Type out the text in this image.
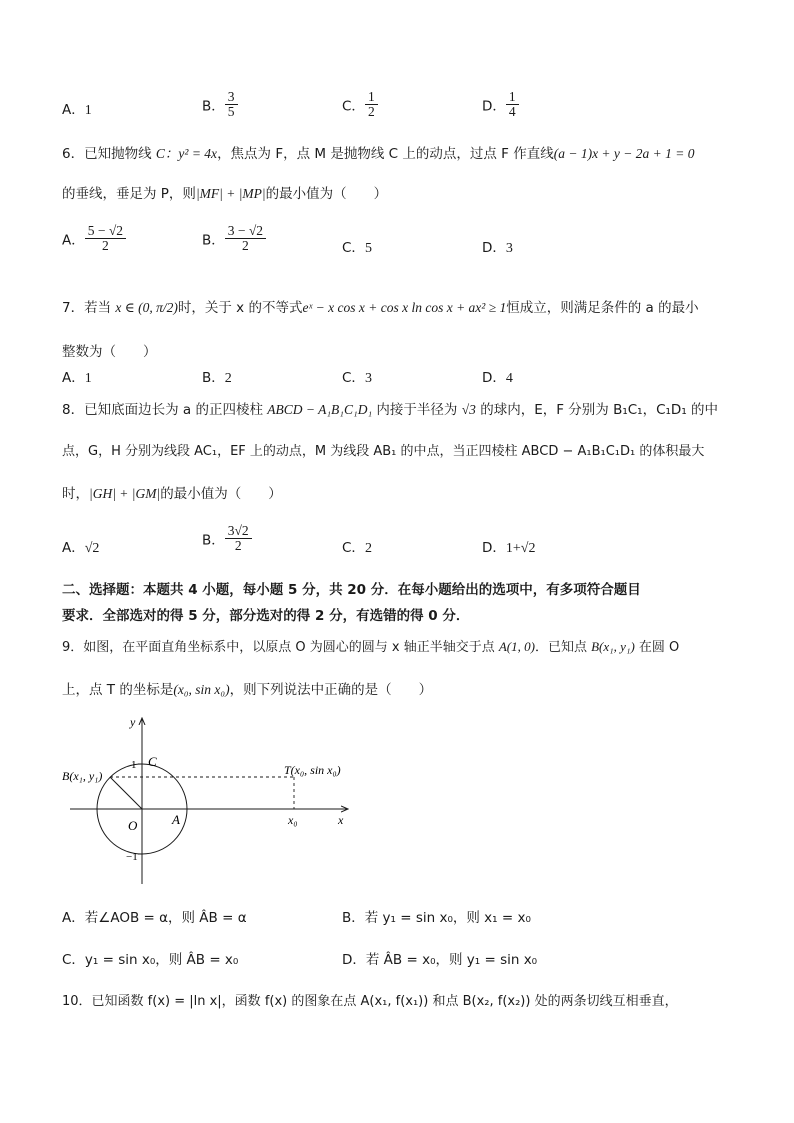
A．1	B． $\frac{3}{5}$	C． $\frac{1}{2}$	D． $\frac{1}{4}$
6．已知抛物线 C：y² = 4x，焦点为 F，点 M 是抛物线 C 上的动点，过点 F 作直线(a − 1)x + y − 2a + 1 = 0
的垂线，垂足为 P，则|MF| + |MP|的最小值为（　　）
A． $\frac{5 - √2}{2}$	B． $\frac{3 - √2}{2}$	C．5	D．3
7．若当 x ∈ (0, π/2)时，关于 x 的不等式eˣ − x cos x + cos x ln cos x + ax² ≥ 1恒成立，则满足条件的 a 的最小
整数为（　　）
A．1	B．2	C．3	D．4
8．已知底面边长为 a 的正四棱柱 ABCD − A₁B₁C₁D₁ 内接于半径为 √3 的球内，E，F 分别为 B₁C₁，C₁D₁ 的中
点，G，H 分别为线段 AC₁，EF 上的动点，M 为线段 AB₁ 的中点，当正四棱柱 ABCD − A₁B₁C₁D₁ 的体积最大
时，|GH| + |GM|的最小值为（　　）
A．√2	B． $\frac{3√2}{2}$	C．2	D．1+√2
二、选择题：本题共 4 小题，每小题 5 分，共 20 分．在每小题给出的选项中，有多项符合题目
要求．全部选对的得 5 分，部分选对的得 2 分，有选错的得 0 分．
9．如图，在平面直角坐标系中，以原点 O 为圆心的圆与 x 轴正半轴交于点 A(1, 0)．已知点 B(x₁, y₁) 在圆 O
上，点 T 的坐标是(x₀, sin x₀)，则下列说法中正确的是（　　）
y
x
1
−1
C
O	A
B(x₁, y₁)	T(x₀, sin x₀)
x₀
A．若∠AOB = α，则 ÂB = α	B．若 y₁ = sin x₀，则 x₁ = x₀
C．y₁ = sin x₀，则 ÂB = x₀	D．若 ÂB = x₀，则 y₁ = sin x₀
10．已知函数 f(x) = |ln x|，函数 f(x) 的图象在点 A(x₁, f(x₁)) 和点 B(x₂, f(x₂)) 处的两条切线互相垂直，
